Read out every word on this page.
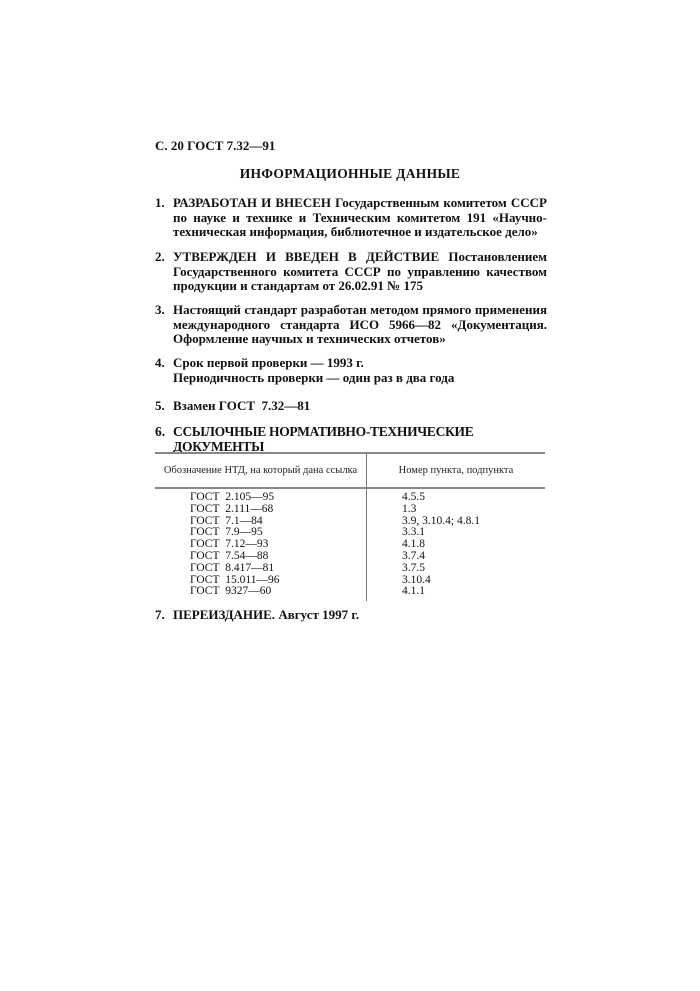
С. 20 ГОСТ 7.32—91
ИНФОРМАЦИОННЫЕ ДАННЫЕ
1. РАЗРАБОТАН И ВНЕСЕН Государственным комитетом СССР по науке и технике и Техническим комитетом 191 «Научно-техническая информация, библиотечное и издательское дело»
2. УТВЕРЖДЕН И ВВЕДЕН В ДЕЙСТВИЕ Постановлением Государственного комитета СССР по управлению качеством продукции и стандартам от 26.02.91 № 175
3. Настоящий стандарт разработан методом прямого применения международного стандарта ИСО 5966—82 «Документация. Оформление научных и технических отчетов»
4. Срок первой проверки — 1993 г.
Периодичность проверки — один раз в два года
5. Взамен ГОСТ  7.32—81
6. ССЫЛОЧНЫЕ НОРМАТИВНО-ТЕХНИЧЕСКИЕ ДОКУМЕНТЫ
Обозначение НТД, на который дана ссылка	Номер пункта, подпункта
ГОСТ  2.105—95	4.5.5
ГОСТ  2.111—68	1.3
ГОСТ  7.1—84	3.9, 3.10.4; 4.8.1
ГОСТ  7.9—95	3.3.1
ГОСТ  7.12—93	4.1.8
ГОСТ  7.54—88	3.7.4
ГОСТ  8.417—81	3.7.5
ГОСТ  15.011—96	3.10.4
ГОСТ  9327—60	4.1.1
7. ПЕРЕИЗДАНИЕ. Август 1997 г.
